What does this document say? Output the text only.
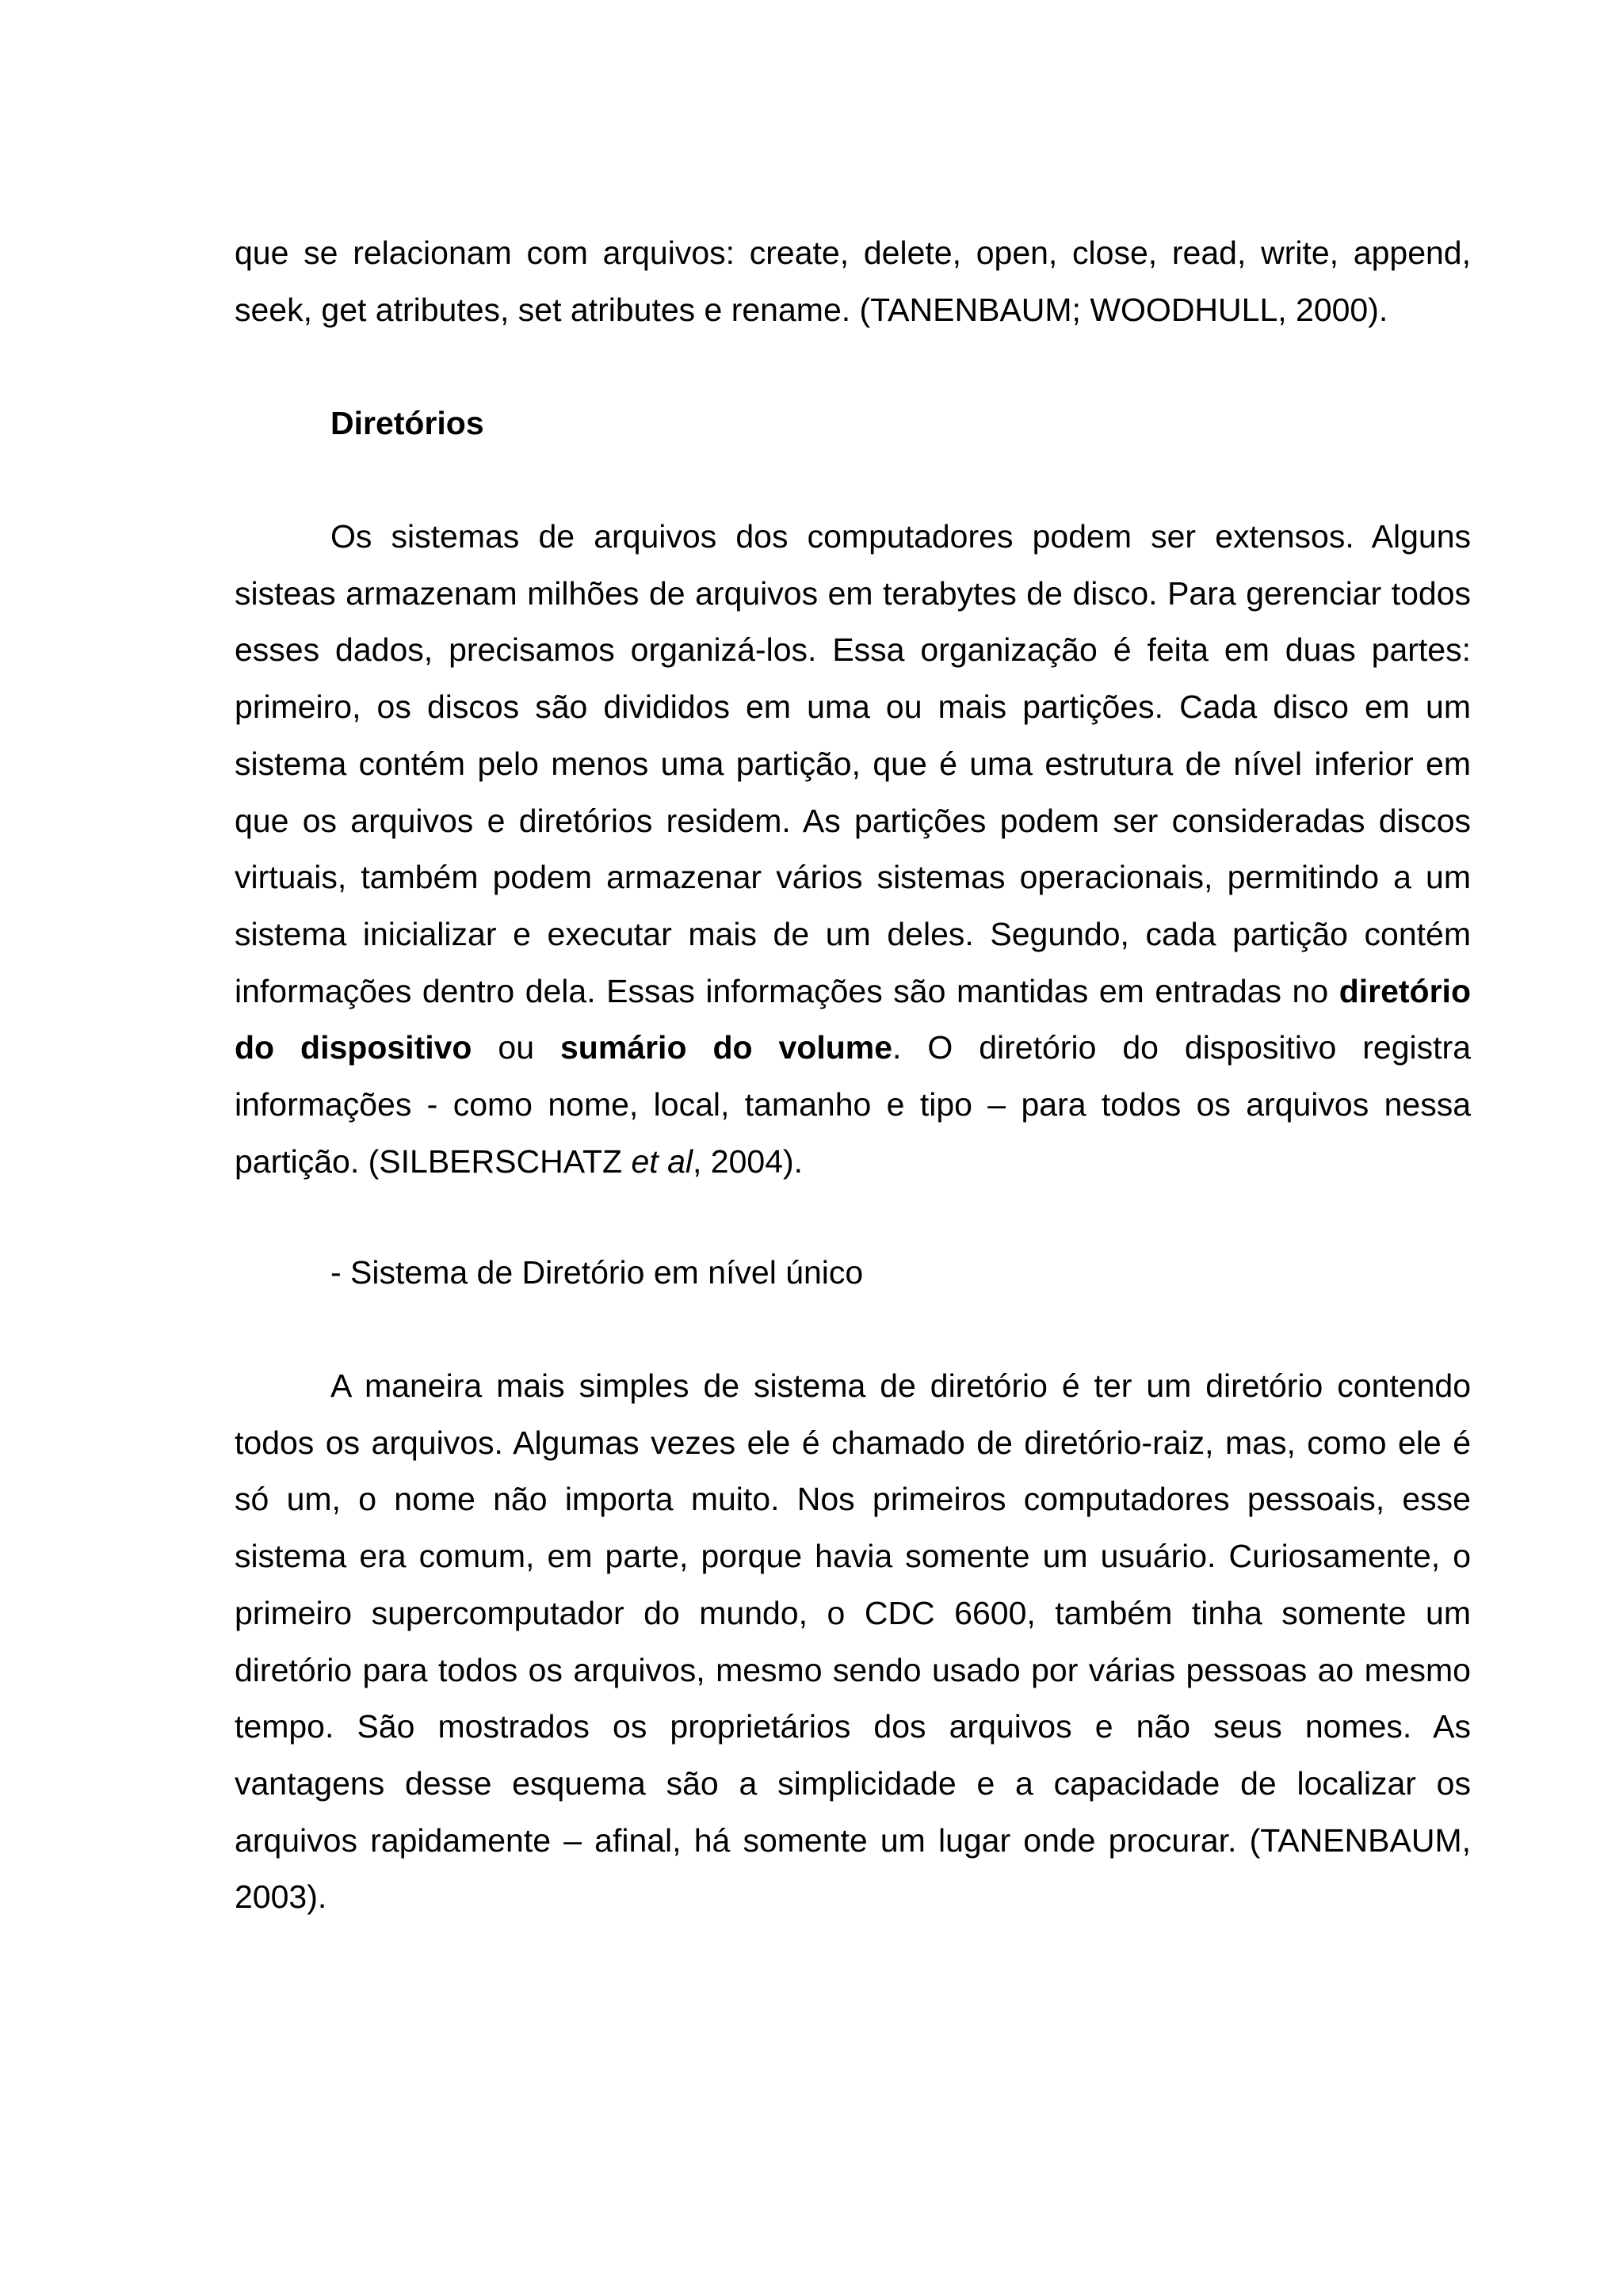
que se relacionam com arquivos: create, delete, open, close, read, write, append, seek, get atributes, set atributes e rename. (TANENBAUM; WOODHULL, 2000).

Diretórios

Os sistemas de arquivos dos computadores podem ser extensos. Alguns sisteas armazenam milhões de arquivos em terabytes de disco. Para gerenciar todos esses dados, precisamos organizá-los. Essa organização é feita em duas partes: primeiro, os discos são divididos em uma ou mais partições. Cada disco em um sistema contém pelo menos uma partição, que é uma estrutura de nível inferior em que os arquivos e diretórios residem. As partições podem ser consideradas discos virtuais, também podem armazenar vários sistemas operacionais, permitindo a um sistema inicializar e executar mais de um deles. Segundo, cada partição contém informações dentro dela. Essas informações são mantidas em entradas no diretório do dispositivo ou sumário do volume. O diretório do dispositivo registra informações - como nome, local, tamanho e tipo – para todos os arquivos nessa partição. (SILBERSCHATZ et al, 2004).

- Sistema de Diretório em nível único

A maneira mais simples de sistema de diretório é ter um diretório contendo todos os arquivos. Algumas vezes ele é chamado de diretório-raiz, mas, como ele é só um, o nome não importa muito. Nos primeiros computadores pessoais, esse sistema era comum, em parte, porque havia somente um usuário. Curiosamente, o primeiro supercomputador do mundo, o CDC 6600, também tinha somente um diretório para todos os arquivos, mesmo sendo usado por várias pessoas ao mesmo tempo. São mostrados os proprietários dos arquivos e não seus nomes. As vantagens desse esquema são a simplicidade e a capacidade de localizar os arquivos rapidamente – afinal, há somente um lugar onde procurar. (TANENBAUM, 2003).
